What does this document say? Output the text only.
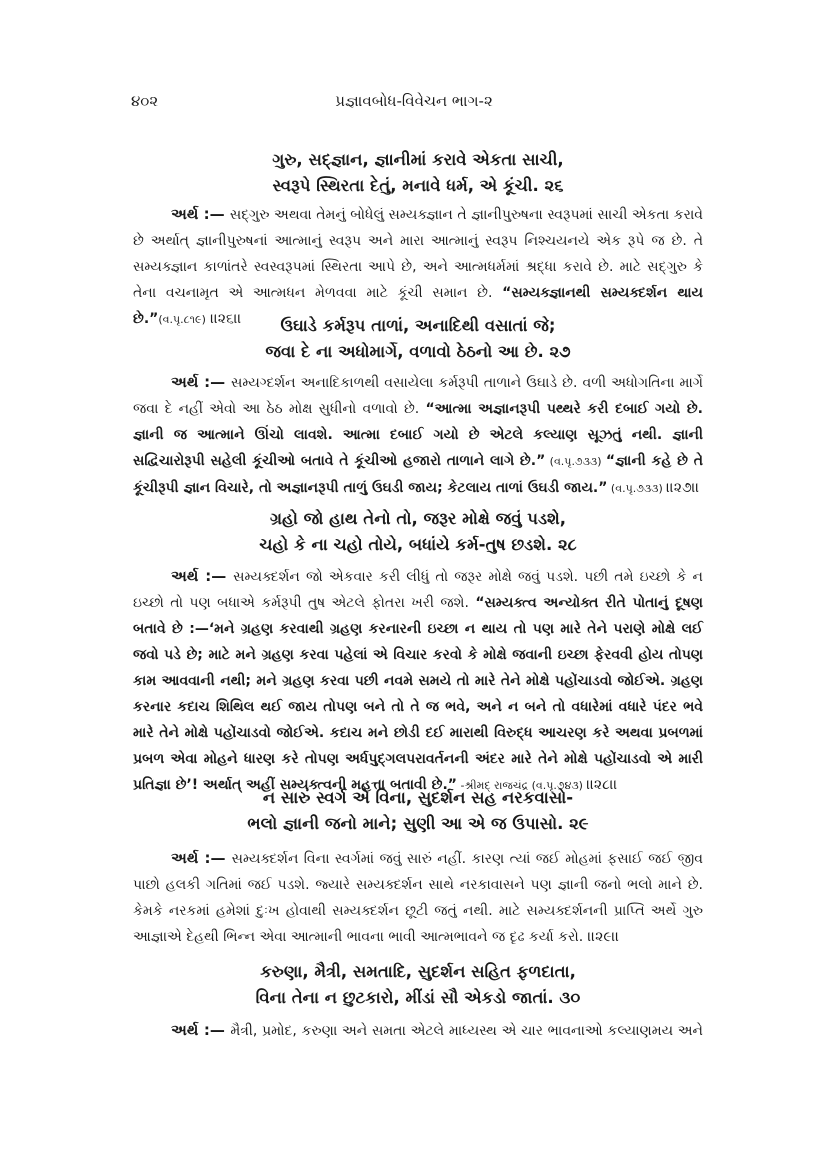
૪૦૨	પ્રજ્ઞાવબોધ-વિવેચન ભાગ-૨
ગુરુ, સદ્જ્ઞાન, જ્ઞાનીમાં કરાવે એકતા સાચી,
સ્વરૂપે સ્થિરતા દેતું, મનાવે ધર્મ, એ કૂંચી. ૨૬
અર્થ :— સદ્ગુરુ અથવા તેમનું બોધેલું સમ્યક્જ્ઞાન તે જ્ઞાનીપુરુષના સ્વરૂપમાં સાચી એકતા કરાવે છે અર્થાત્ જ્ઞાનીપુરુષનાં આત્માનું સ્વરૂપ અને મારા આત્માનું સ્વરૂપ નિશ્ચયનયે એક રૂપે જ છે. તે સમ્યક્જ્ઞાન કાળાંતરે સ્વસ્વરૂપમાં સ્થિરતા આપે છે, અને આત્મધર્મમાં શ્રદ્ધા કરાવે છે. માટે સદ્ગુરુ કે તેના વચનામૃત એ આત્મધન મેળવવા માટે કૂંચી સમાન છે. “સમ્યક્જ્ઞાનથી સમ્યક્દર્શન થાય છે.”(વ.પૃ.૮૧૯) ।।૨૬।।	ઉઘાડે કર્મરૂપ તાળાં, અનાદિથી વસાતાં જે;
જવા દે ના અધોમાર્ગે, વળાવો ઠેઠનો આ છે. ૨૭
અર્થ :— સમ્યગ્દર્શન અનાદિકાળથી વસાયેલા કર્મરૂપી તાળાને ઉઘાડે છે. વળી અધોગતિના માર્ગે જવા દે નહીં એવો આ ઠેઠ મોક્ષ સુધીનો વળાવો છે. “આત્મા અજ્ઞાનરૂપી પથ્થરે કરી દબાઈ ગયો છે. જ્ઞાની જ આત્માને ઊંચો લાવશે. આત્મા દબાઈ ગયો છે એટલે કલ્યાણ સૂઝતું નથી. જ્ઞાની સદ્વિચારોરૂપી સહેલી કૂંચીઓ બતાવે તે કૂંચીઓ હજારો તાળાને લાગે છે.” (વ.પૃ.૭૩૩) “જ્ઞાની કહે છે તે કૂંચીરૂપી જ્ઞાન વિચારે, તો અજ્ઞાનરૂપી તાળું ઉઘડી જાય; કેટલાય તાળાં ઉઘડી જાય.” (વ.પૃ.૭૩૩) ।।૨૭।।
ગ્રહો જો હાથ તેનો તો, જરૂર મોક્ષે જવું પડશે,
ચહો કે ના ચહો તોયે, બધાંયે કર્મ-તુષ છડશે. ૨૮
અર્થ :— સમ્યક્દર્શન જો એકવાર કરી લીધું તો જરૂર મોક્ષે જવું પડશે. પછી તમે ઇચ્છો કે ન ઇચ્છો તો પણ બધાએ કર્મરૂપી તુષ એટલે ફોતરા ખરી જશે. “સમ્યક્ત્વ અન્યોક્ત રીતે પોતાનું દૂષણ બતાવે છે :—‘મને ગ્રહણ કરવાથી ગ્રહણ કરનારની ઇચ્છા ન થાય તો પણ મારે તેને પરાણે મોક્ષે લઈ જવો પડે છે; માટે મને ગ્રહણ કરવા પહેલાં એ વિચાર કરવો કે મોક્ષે જવાની ઇચ્છા ફેરવવી હોય તોપણ કામ આવવાની નથી; મને ગ્રહણ કરવા પછી નવમે સમયે તો મારે તેને મોક્ષે પહોંચાડવો જોઈએ. ગ્રહણ કરનાર કદાચ શિથિલ થઈ જાય તોપણ બને તો તે જ ભવે, અને ન બને તો વધારેમાં વધારે પંદર ભવે મારે તેને મોક્ષે પહોંચાડવો જોઈએ. કદાચ મને છોડી દઈ મારાથી વિરુદ્ધ આચરણ કરે અથવા પ્રબળમાં પ્રબળ એવા મોહને ધારણ કરે તોપણ અર્ધપુદ્ગલપરાવર્તનની અંદર મારે તેને મોક્ષે પહોંચાડવો એ મારી પ્રતિજ્ઞા છે’! અર્થાત્ અહીં સમ્યક્ત્વની મહત્તા બતાવી છે.” -શ્રીમદ્ રાજચંદ્ર (વ.પૃ.૭૪૩) ।।૨૮।।
ન સારું સ્વર્ગ એ વિના, સુદર્શન સહ નરકવાસો-
ભલો જ્ઞાની જનો માને; સુણી આ એ જ ઉપાસો. ૨૯
અર્થ :— સમ્યક્દર્શન વિના સ્વર્ગમાં જવું સારું નહીં. કારણ ત્યાં જઈ મોહમાં ફસાઈ જઈ જીવ પાછો હલકી ગતિમાં જઈ પડશે. જ્યારે સમ્યક્દર્શન સાથે નરકાવાસને પણ જ્ઞાની જનો ભલો માને છે. કેમકે નરકમાં હમેશાં દુઃખ હોવાથી સમ્યક્દર્શન છૂટી જતું નથી. માટે સમ્યક્દર્શનની પ્રાપ્તિ અર્થે ગુરુ આજ્ઞાએ દેહથી ભિન્ન એવા આત્માની ભાવના ભાવી આત્મભાવને જ દૃઢ કર્યા કરો. ।।૨૯।।
કરુણા, મૈત્રી, સમતાદિ, સુદર્શન સહિત ફળદાતા,
વિના તેના ન છુટકારો, મીંડાં સૌ એકડો જાતાં. ૩૦
અર્થ :— મૈત્રી, પ્રમોદ, કરુણા અને સમતા એટલે માધ્યસ્થ એ ચાર ભાવનાઓ કલ્યાણમય અને
